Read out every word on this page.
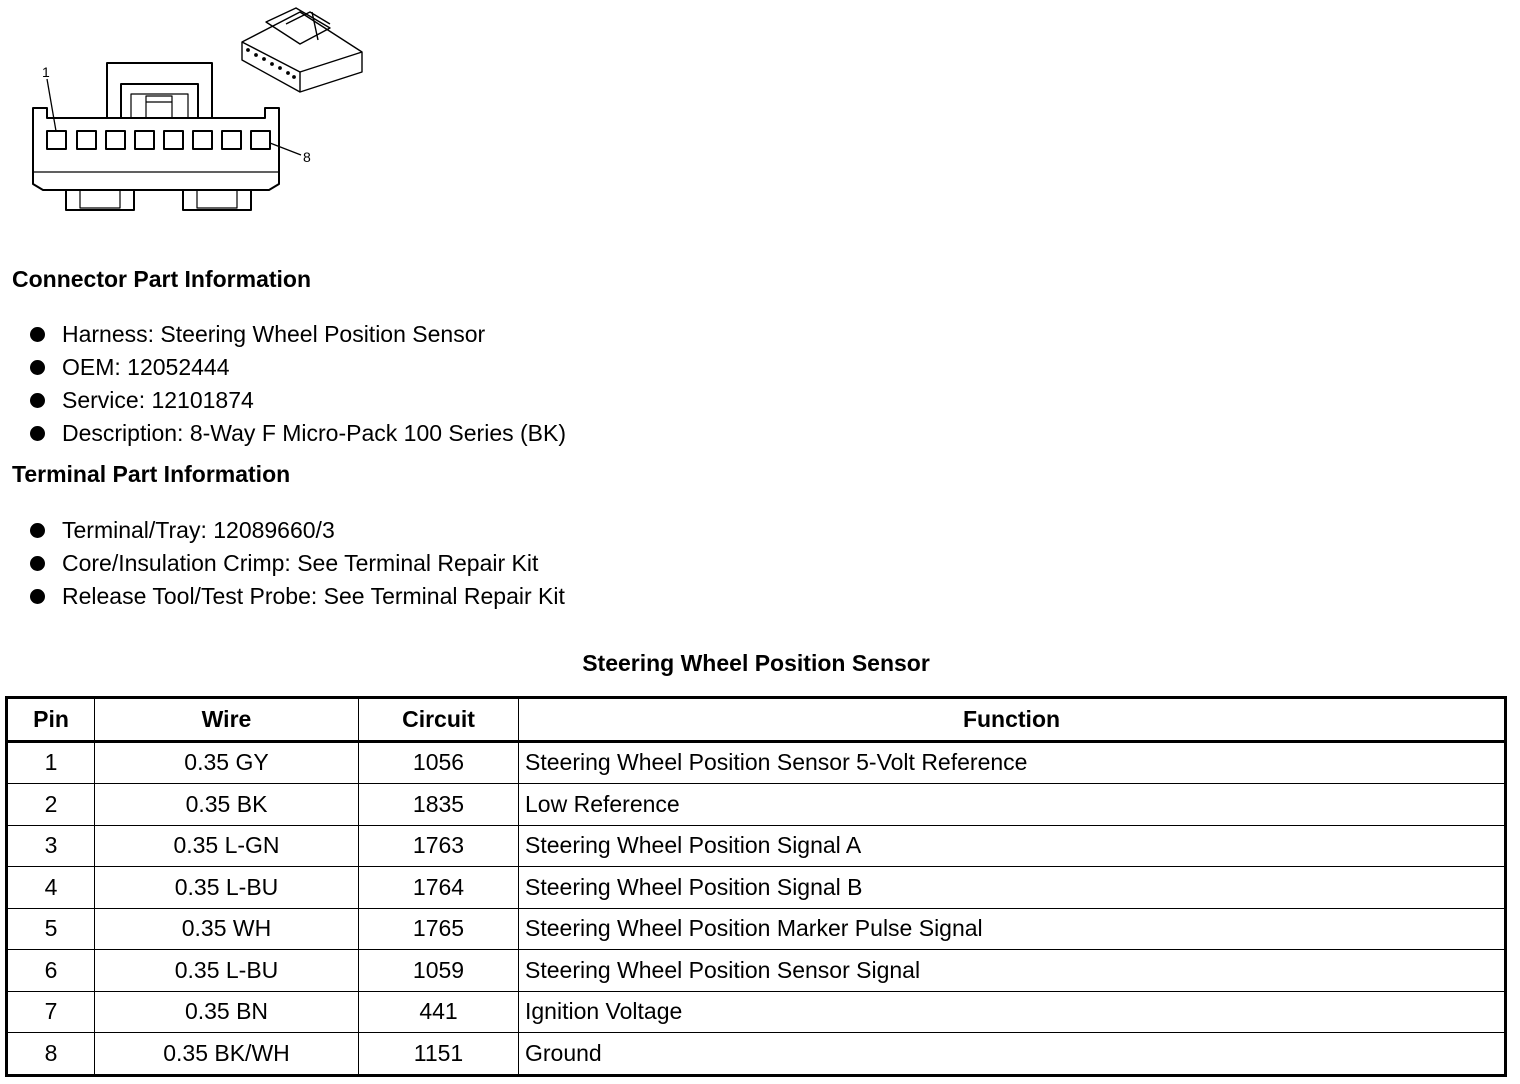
1
8
Connector Part Information
Harness: Steering Wheel Position Sensor
OEM: 12052444
Service: 12101874
Description: 8-Way F Micro-Pack 100 Series (BK)
Terminal Part Information
Terminal/Tray: 12089660/3
Core/Insulation Crimp: See Terminal Repair Kit
Release Tool/Test Probe: See Terminal Repair Kit
Steering Wheel Position Sensor
Pin	Wire	Circuit	Function
1	0.35 GY	1056	Steering Wheel Position Sensor 5-Volt Reference
2	0.35 BK	1835	Low Reference
3	0.35 L-GN	1763	Steering Wheel Position Signal A
4	0.35 L-BU	1764	Steering Wheel Position Signal B
5	0.35 WH	1765	Steering Wheel Position Marker Pulse Signal
6	0.35 L-BU	1059	Steering Wheel Position Sensor Signal
7	0.35 BN	441	Ignition Voltage
8	0.35 BK/WH	1151	Ground
